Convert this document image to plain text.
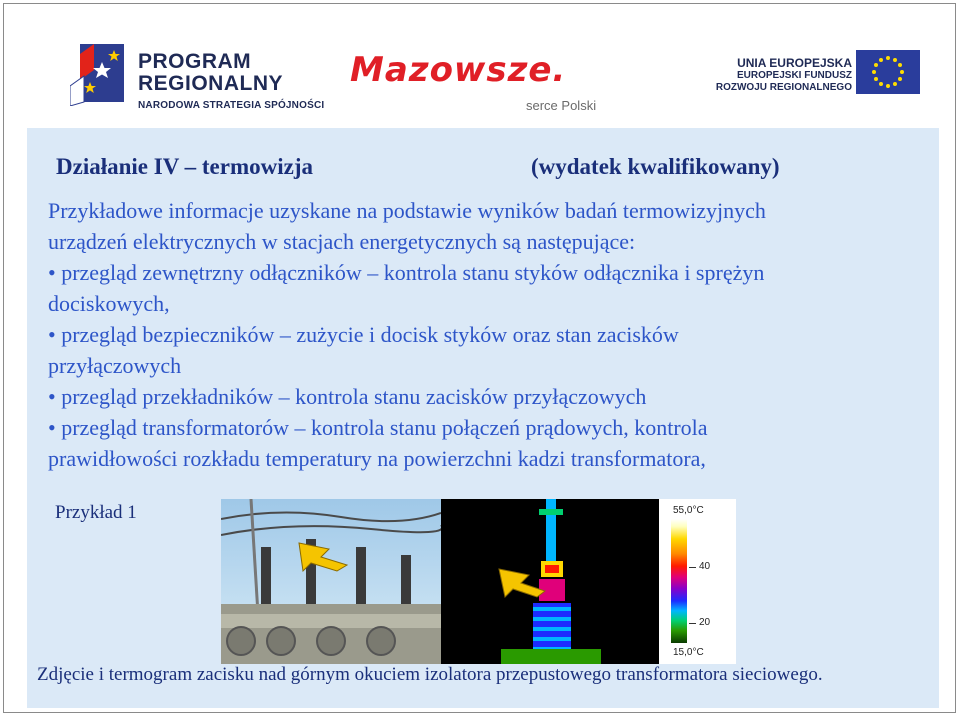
PROGRAM
REGIONALNY
NARODOWA STRATEGIA SPÓJNOŚCI
Mazowsze.
serce Polski
UNIA EUROPEJSKA
EUROPEJSKI FUNDUSZ
ROZWOJU REGIONALNEGO
Działanie IV – termowizja	(wydatek kwalifikowany)
Przykładowe informacje uzyskane na podstawie wyników badań termowizyjnych
urządzeń elektrycznych w stacjach energetycznych są następujące:
• przegląd zewnętrzny odłączników – kontrola stanu styków odłącznika i sprężyn
dociskowych,
• przegląd bezpieczników – zużycie i docisk styków oraz stan zacisków
przyłączowych
• przegląd przekładników – kontrola stanu zacisków przyłączowych
• przegląd transformatorów – kontrola stanu połączeń prądowych, kontrola
prawidłowości rozkładu temperatury na powierzchni kadzi transformatora,
Przykład 1	55,0°C
40
20
15,0°C
Zdjęcie i termogram zacisku nad górnym okuciem izolatora przepustowego transformatora sieciowego.
